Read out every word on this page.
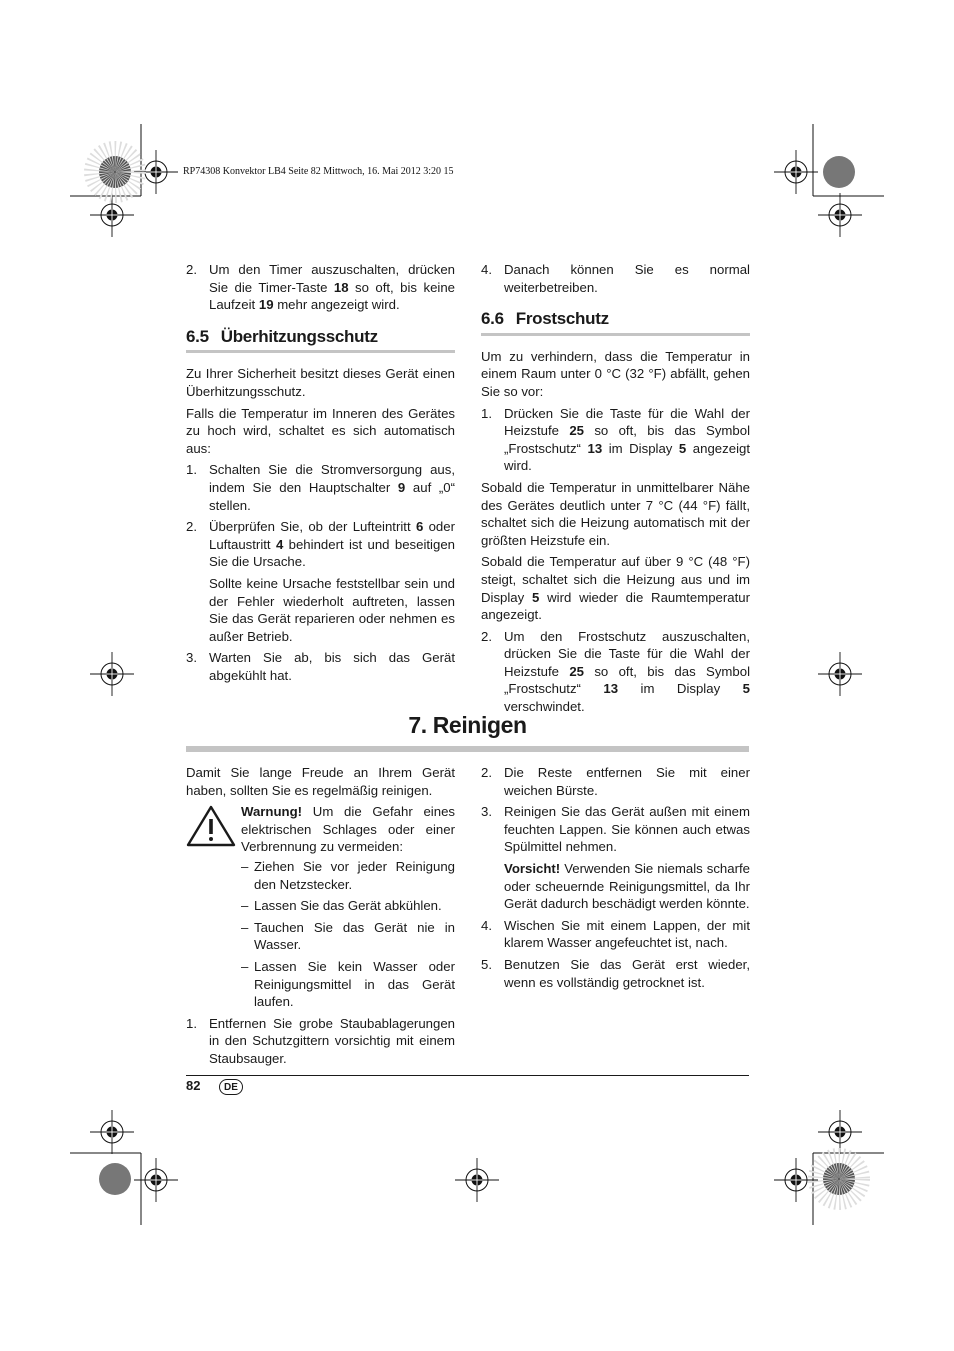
RP74308 Konvektor LB4 Seite 82 Mittwoch, 16. Mai 2012 3:20 15
2. Um den Timer auszuschalten, drücken Sie die Timer-Taste 18 so oft, bis keine Laufzeit 19 mehr angezeigt wird.
6.5 Überhitzungsschutz

Zu Ihrer Sicherheit besitzt dieses Gerät einen Überhitzungsschutz.

Falls die Temperatur im Inneren des Gerätes zu hoch wird, schaltet es sich automatisch aus:

1. Schalten Sie die Stromversorgung aus, indem Sie den Hauptschalter 9 auf „0“ stellen.
2. Überprüfen Sie, ob der Lufteintritt 6 oder Luftaustritt 4 behindert ist und beseitigen Sie die Ursache.
Sollte keine Ursache feststellbar sein und der Fehler wiederholt auftreten, lassen Sie das Gerät reparieren oder nehmen es außer Betrieb.
3. Warten Sie ab, bis sich das Gerät abgekühlt hat.
4. Danach können Sie es normal weiterbetreiben.
6.6 Frostschutz

Um zu verhindern, dass die Temperatur in einem Raum unter 0 °C (32 °F) abfällt, gehen Sie so vor:

1. Drücken Sie die Taste für die Wahl der Heizstufe 25 so oft, bis das Symbol „Frostschutz“ 13 im Display 5 angezeigt wird.

Sobald die Temperatur in unmittelbarer Nähe des Gerätes deutlich unter 7 °C (44 °F) fällt, schaltet sich die Heizung automatisch mit der größten Heizstufe ein.

Sobald die Temperatur auf über 9 °C (48 °F) steigt, schaltet sich die Heizung aus und im Display 5 wird wieder die Raumtemperatur angezeigt.

2. Um den Frostschutz auszuschalten, drücken Sie die Taste für die Wahl der Heizstufe 25 so oft, bis das Symbol „Frostschutz“ 13 im Display 5 verschwindet.
7. Reinigen

Damit Sie lange Freude an Ihrem Gerät haben, sollten Sie es regelmäßig reinigen.

Warnung! Um die Gefahr eines elektrischen Schlages oder einer Verbrennung zu vermeiden:

– Ziehen Sie vor jeder Reinigung den Netzstecker.

– Lassen Sie das Gerät abkühlen.

– Tauchen Sie das Gerät nie in Wasser.

– Lassen Sie kein Wasser oder Reinigungsmittel in das Gerät laufen.

1. Entfernen Sie grobe Staubablagerungen in den Schutzgittern vorsichtig mit einem Staubsauger.
2. Die Reste entfernen Sie mit einer weichen Bürste.
3. Reinigen Sie das Gerät außen mit einem feuchten Lappen. Sie können auch etwas Spülmittel nehmen.
Vorsicht! Verwenden Sie niemals scharfe oder scheuernde Reinigungsmittel, da Ihr Gerät dadurch beschädigt werden könnte.
4. Wischen Sie mit einem Lappen, der mit klarem Wasser angefeuchtet ist, nach.
5. Benutzen Sie das Gerät erst wieder, wenn es vollständig getrocknet ist.
82	DE
